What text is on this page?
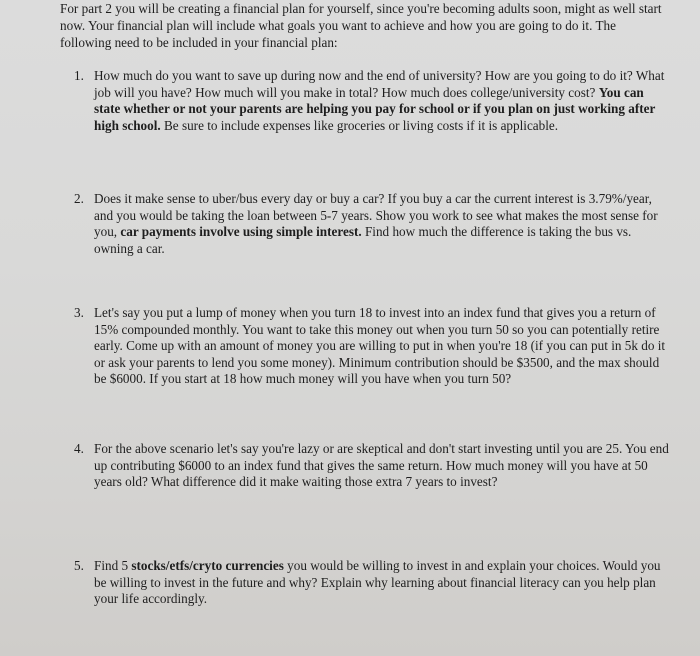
For part 2 you will be creating a financial plan for yourself, since you're becoming adults soon, might as well start now. Your financial plan will include what goals you want to achieve and how you are going to do it. The following need to be included in your financial plan:

1. How much do you want to save up during now and the end of university? How are you going to do it? What job will you have? How much will you make in total? How much does college/university cost? You can state whether or not your parents are helping you pay for school or if you plan on just working after high school. Be sure to include expenses like groceries or living costs if it is applicable.
2. Does it make sense to uber/bus every day or buy a car? If you buy a car the current interest is 3.79%/year, and you would be taking the loan between 5-7 years. Show you work to see what makes the most sense for you, car payments involve using simple interest. Find how much the difference is taking the bus vs. owning a car.
3. Let's say you put a lump of money when you turn 18 to invest into an index fund that gives you a return of 15% compounded monthly. You want to take this money out when you turn 50 so you can potentially retire early. Come up with an amount of money you are willing to put in when you're 18 (if you can put in 5k do it or ask your parents to lend you some money). Minimum contribution should be $3500, and the max should be $6000. If you start at 18 how much money will you have when you turn 50?
4. For the above scenario let's say you're lazy or are skeptical and don't start investing until you are 25. You end up contributing $6000 to an index fund that gives the same return. How much money will you have at 50 years old? What difference did it make waiting those extra 7 years to invest?
5. Find 5 stocks/etfs/cryto currencies you would be willing to invest in and explain your choices. Would you be willing to invest in the future and why? Explain why learning about financial literacy can you help plan your life accordingly.
